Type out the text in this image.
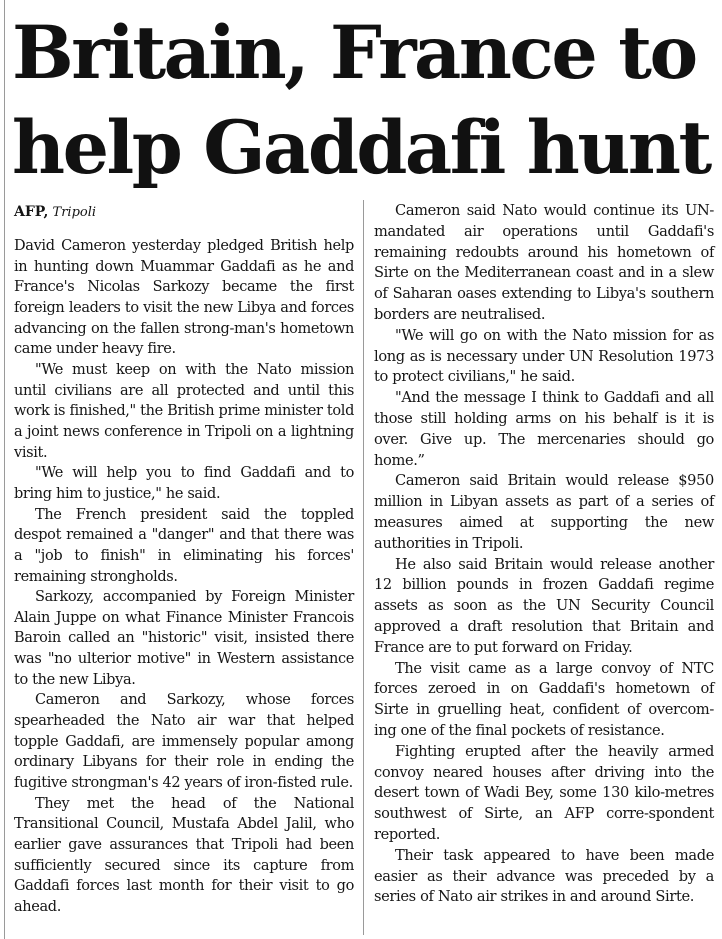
Britain, France to
help Gaddafi hunt
AFP, Tripoli

David Cameron yesterday pledged British help in hunting down Muammar Gaddafi as he and France's Nicolas Sarkozy became the first foreign leaders to visit the new Libya and forces advancing on the fallen strong-man's hometown came under heavy fire.

"We must keep on with the Nato mission until civilians are all protected and until this work is finished," the British prime minister told a joint news conference in Tripoli on a lightning visit.

"We will help you to find Gaddafi and to bring him to justice," he said.

The French president said the toppled despot remained a "danger" and that there was a "job to finish" in eliminating his forces' remaining strongholds.

Sarkozy, accompanied by Foreign Minister Alain Juppe on what Finance Minister Francois Baroin called an "historic" visit, insisted there was "no ulterior motive" in Western assistance to the new Libya.

Cameron and Sarkozy, whose forces spearheaded the Nato air war that helped topple Gaddafi, are immensely popular among ordinary Libyans for their role in ending the fugitive strongman's 42 years of iron-fisted rule.

They met the head of the National Transitional Council, Mustafa Abdel Jalil, who earlier gave assurances that Tripoli had been sufficiently secured since its capture from Gaddafi forces last month for their visit to go ahead.

Cameron said Nato would continue its UN-mandated air operations until Gaddafi's remaining redoubts around his hometown of Sirte on the Mediterranean coast and in a slew of Saharan oases extending to Libya's southern borders are neutralised.

"We will go on with the Nato mission for as long as is necessary under UN Resolution 1973 to protect civilians," he said.

"And the message I think to Gaddafi and all those still holding arms on his behalf is it is over. Give up. The mercenaries should go home.”

Cameron said Britain would release $950 million in Libyan assets as part of a series of measures aimed at supporting the new authorities in Tripoli.

He also said Britain would release another 12 billion pounds in frozen Gaddafi regime assets as soon as the UN Security Council approved a draft resolution that Britain and France are to put forward on Friday.

The visit came as a large convoy of NTC forces zeroed in on Gaddafi's hometown of Sirte in gruelling heat, confident of overcom-ing one of the final pockets of resistance.

Fighting erupted after the heavily armed convoy neared houses after driving into the desert town of Wadi Bey, some 130 kilo-metres southwest of Sirte, an AFP corre-spondent reported.

Their task appeared to have been made easier as their advance was preceded by a series of Nato air strikes in and around Sirte.
